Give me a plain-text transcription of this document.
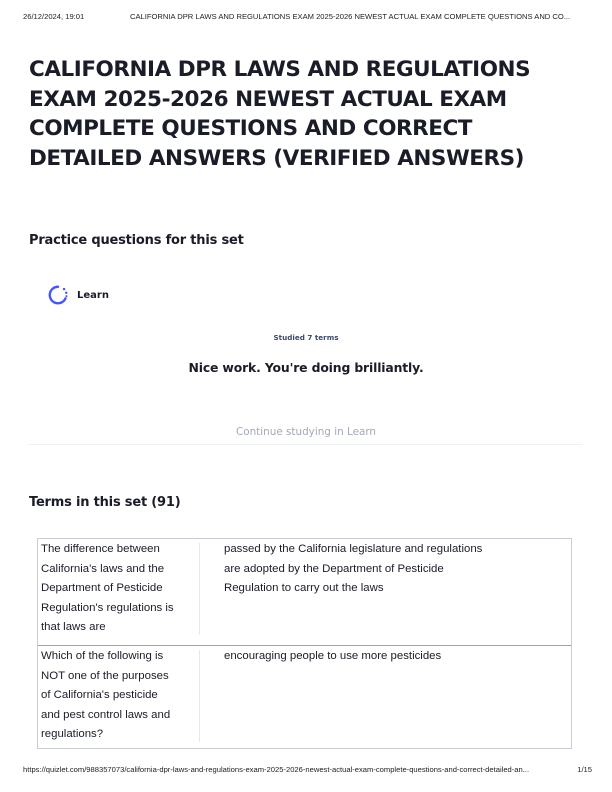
26/12/2024, 19:01	CALIFORNIA DPR LAWS AND REGULATIONS EXAM 2025-2026 NEWEST ACTUAL EXAM COMPLETE QUESTIONS AND CO...
CALIFORNIA DPR LAWS AND REGULATIONS
EXAM 2025-2026 NEWEST ACTUAL EXAM
COMPLETE QUESTIONS AND CORRECT
DETAILED ANSWERS (VERIFIED ANSWERS)
Practice questions for this set
Learn
Studied 7 terms
Nice work. You're doing brilliantly.
Continue studying in Learn
Terms in this set (91)
The difference between
California's laws and the
Department of Pesticide
Regulation's regulations is
that laws are
passed by the California legislature and regulations
are adopted by the Department of Pesticide
Regulation to carry out the laws
Which of the following is
NOT one of the purposes
of California's pesticide
and pest control laws and
regulations?
encouraging people to use more pesticides
https://quizlet.com/988357073/california-dpr-laws-and-regulations-exam-2025-2026-newest-actual-exam-complete-questions-and-correct-detailed-an...	1/15
